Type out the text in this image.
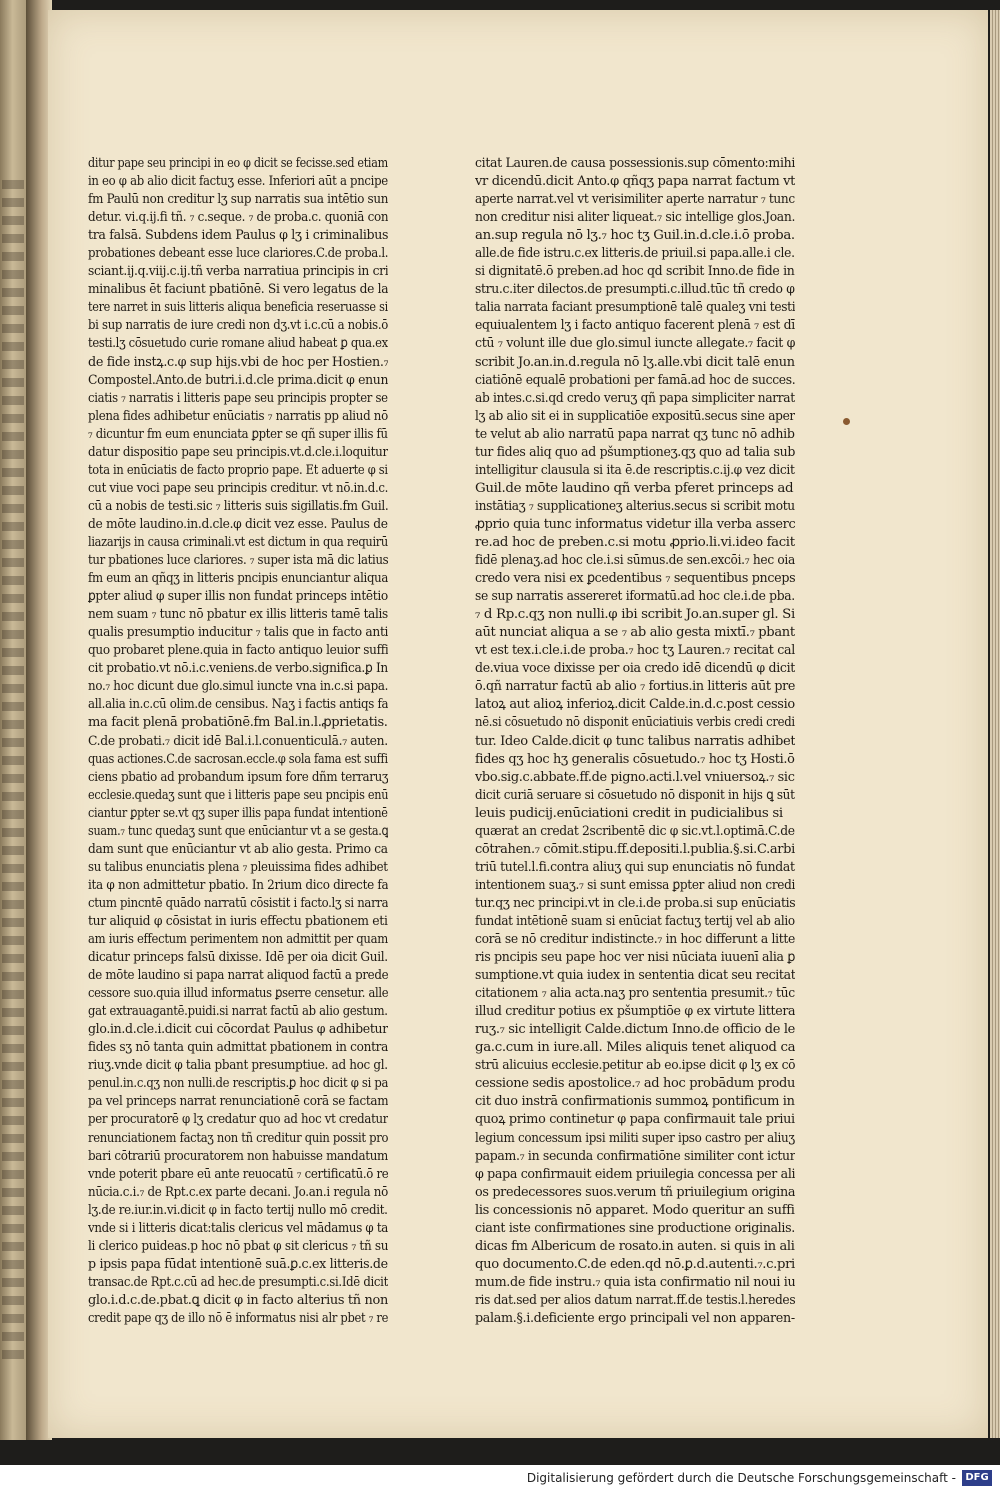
ditur pape seu principi in eo φ dicit se fecisse.sed etiam
in eo φ ab alio dicit factuʒ esse. Inferiori aūt a pncipe
fm Paulū non creditur lʒ sup narratis sua intētio sun
detur. vi.q.ij.fi tñ. ₇ c.seque. ₇ de proba.c. quoniā con
tra falsā. Subdens idem Paulus φ lʒ i criminalibus
probationes debeant esse luce clariores.C.de proba.l.
sciant.ij.q.viij.c.ij.tñ verba narratiua principis in cri
minalibus ēt faciunt pbatiōnē. Si vero legatus de la
tere narret in suis litteris aliqua beneficia reseruasse si
bi sup narratis de iure credi non dʒ.vt i.c.cū a nobis.ō
testi.lʒ cōsuetudo curie romane aliud habeat ꝑ qua.ex
de fide instꝝ.c.φ sup hijs.vbi de hoc per Hostien.₇
Compostel.Anto.de butri.i.d.cle prima.dicit φ enun
ciatis ₇ narratis i litteris pape seu principis propter se
plena fides adhibetur enūciatis ₇ narratis pp aliud nō
₇ dicuntur fm eum enunciata ꝑpter se qñ super illis fū
datur dispositio pape seu principis.vt.d.cle.i.loquitur
tota in enūciatis de facto proprio pape. Et aduerte φ si
cut viue voci pape seu principis creditur. vt nō.in.d.c.
cū a nobis de testi.sic ₇ litteris suis sigillatis.fm Guil.
de mōte laudino.in.d.cle.φ dicit vez esse. Paulus de
liazarijs in causa criminali.vt est dictum in qua requirū
tur pbationes luce clariores. ₇ super ista mā dic latius
fm eum an qñqʒ in litteris pncipis enunciantur aliqua
ꝑpter aliud φ super illis non fundat princeps intētio
nem suam ₇ tunc nō pbatur ex illis litteris tamē talis
qualis presumptio inducitur ₇ talis que in facto anti
quo probaret plene.quia in facto antiquo leuior suffi
cit probatio.vt nō.i.c.veniens.de verbo.significa.ꝑ In
no.₇ hoc dicunt due glo.simul iuncte vna in.c.si papa.
all.alia in.c.cū olim.de censibus. Naʒ i factis antiqs fa
ma facit plenā probatiōnē.fm Bal.in.l.ꝓprietatis.
C.de probati.₇ dicit idē Bal.i.l.conuenticulā.₇ auten.
quas actiones.C.de sacrosan.eccle.φ sola fama est suffi
ciens pbatio ad probandum ipsum fore dñm terraruʒ
ecclesie.quedaʒ sunt que i litteris pape seu pncipis enū
ciantur ꝑpter se.vt qʒ super illis papa fundat intentionē
suam.₇ tunc quedaʒ sunt que enūciantur vt a se gesta.ꝗ
dam sunt que enūciantur vt ab alio gesta. Primo ca
su talibus enunciatis plena ₇ pleuissima fides adhibet
ita φ non admittetur pbatio. In 2rium dico directe fa
ctum pincntē quādo narratū cōsistit i facto.lʒ si narra
tur aliquid φ cōsistat in iuris effectu pbationem eti
am iuris effectum perimentem non admittit per quam
dicatur princeps falsū dixisse. Idē per oia dicit Guil.
de mōte laudino si papa narrat aliquod factū a prede
cessore suo.quia illud informatus ꝑserre censetur. alle
gat extrauagantē.puidi.si narrat factū ab alio gestum.
glo.in.d.cle.i.dicit cui cōcordat Paulus φ adhibetur
fides sʒ nō tanta quin admittat pbationem in contra
riuʒ.vnde dicit φ talia pbant presumptiue. ad hoc gl.
penul.in.c.qʒ non nulli.de rescriptis.ꝑ hoc dicit φ si pa
pa vel princeps narrat renunciationē corā se factam
per procuratorē φ lʒ credatur quo ad hoc vt credatur
renunciationem factaʒ non tñ creditur quin possit pro
bari cōtrariū procuratorem non habuisse mandatum
vnde poterit pbare eū ante reuocatū ₇ certificatū.ō re
nūcia.c.i.₇ de Rpt.c.ex parte decani. Jo.an.i regula nō
lʒ.de re.iur.in.vi.dicit φ in facto tertij nullo mō credit.
vnde si i litteris dicat:talis clericus vel mādamus φ ta
li clerico puideas.p hoc nō pbat φ sit clericus ₇ tñ su
p ipsis papa fūdat intentionē suā.ꝑ.c.ex litteris.de
transac.de Rpt.c.cū ad hec.de presumpti.c.si.Idē dicit
glo.i.d.c.de.pbat.ꝗ dicit φ in facto alterius tñ non
credit pape qʒ de illo nō ē informatus nisi alr pbet ₇ re
citat Lauren.de causa possessionis.sup cōmento:mihi
vr dicendū.dicit Anto.φ qñqʒ papa narrat factum vt
aperte narrat.vel vt verisimiliter aperte narratur ₇ tunc
non creditur nisi aliter liqueat.₇ sic intellige glos.Joan.
an.sup regula nō lʒ.₇ hoc tʒ Guil.in.d.cle.i.ō proba.
alle.de fide istru.c.ex litteris.de priuil.si papa.alle.i cle.
si dignitatē.ō preben.ad hoc qd scribit Inno.de fide in
stru.c.iter dilectos.de presumpti.c.illud.tūc tñ credo φ
talia narrata faciant presumptionē talē qualeʒ vni testi
equiualentem lʒ i facto antiquo facerent plenā ₇ est dī
ctū ₇ volunt ille due glo.simul iuncte allegate.₇ facit φ
scribit Jo.an.in.d.regula nō lʒ.alle.vbi dicit talē enun
ciatiōnē equalē probationi per famā.ad hoc de succes.
ab intes.c.si.qd credo veruʒ qñ papa simpliciter narrat
lʒ ab alio sit ei in supplicatiōe expositū.secus sine aper
te velut ab alio narratū papa narrat qʒ tunc nō adhib
tur fides aliq quo ad pšumptioneʒ.qʒ quo ad talia sub
intelligitur clausula si ita ē.de rescriptis.c.ij.φ vez dicit
Guil.de mōte laudino qñ verba pferet princeps ad
instātiaʒ ₇ supplicationeʒ alterius.secus si scribit motu
ꝓprio quia tunc informatus videtur illa verba asserc
re.ad hoc de preben.c.si motu ꝓprio.li.vi.ideo facit
fidē plenaʒ.ad hoc cle.i.si sūmus.de sen.excōi.₇ hec oia
credo vera nisi ex ꝑcedentibus ₇ sequentibus pnceps
se sup narratis assereret iformatū.ad hoc cle.i.de pba.
₇ d Rp.c.qʒ non nulli.φ ibi scribit Jo.an.super gl. Si
aūt nunciat aliqua a se ₇ ab alio gesta mixtī.₇ pbant
vt est tex.i.cle.i.de proba.₇ hoc tʒ Lauren.₇ recitat cal
de.viua voce dixisse per oia credo idē dicendū φ dicit
ō.qñ narratur factū ab alio ₇ fortius.in litteris aūt pre
latoꝝ aut alioꝝ inferioꝝ.dicit Calde.in.d.c.post cessio
nē.si cōsuetudo nō disponit enūciatiuis verbis credi credi
tur. Ideo Calde.dicit φ tunc talibus narratis adhibet
fides qʒ hoc hʒ generalis cōsuetudo.₇ hoc tʒ Hosti.ō
vbo.sig.c.abbate.ff.de pigno.acti.l.vel vniuersoꝝ.₇ sic
dicit curiā seruare si cōsuetudo nō disponit in hijs ꝗ sūt
leuis pudicij.enūciationi credit in pudicialibus si
quærat an credat 2scribentē dic φ sic.vt.l.optimā.C.de
cōtrahen.₇ cōmit.stipu.ff.depositi.l.publia.§.si.C.arbi
triū tutel.l.fi.contra aliuʒ qui sup enunciatis nō fundat
intentionem suaʒ.₇ si sunt emissa ꝑpter aliud non credi
tur.qʒ nec principi.vt in cle.i.de proba.si sup enūciatis
fundat intētionē suam si enūciat factuʒ tertij vel ab alio
corā se nō creditur indistincte.₇ in hoc differunt a litte
ris pncipis seu pape hoc ver nisi nūciata iuuenī alia ꝑ
sumptione.vt quia iudex in sententia dicat seu recitat
citationem ₇ alia acta.naʒ pro sententia presumit.₇ tūc
illud creditur potius ex pšumptiōe φ ex virtute littera
ruʒ.₇ sic intelligit Calde.dictum Inno.de officio de le
ga.c.cum in iure.all. Miles aliquis tenet aliquod ca
strū alicuius ecclesie.petitur ab eo.ipse dicit φ lʒ ex cō
cessione sedis apostolice.₇ ad hoc probādum produ
cit duo instrā confirmationis summoꝝ pontificum in
quoꝝ primo continetur φ papa confirmauit tale priui
legium concessum ipsi militi super ipso castro per aliuʒ
papam.₇ in secunda confirmatiōne similiter cont ictur
φ papa confirmauit eidem priuilegia concessa per ali
os predecessores suos.verum tñ priuilegium origina
lis concessionis nō apparet. Modo queritur an suffi
ciant iste confirmationes sine productione originalis.
dicas fm Albericum de rosato.in auten. si quis in ali
quo documento.C.de eden.qd nō.ꝑ.d.autenti.₇.c.pri
mum.de fide instru.₇ quia ista confirmatio nil noui iu
ris dat.sed per alios datum narrat.ff.de testis.l.heredes
palam.§.i.deficiente ergo principali vel non apparen-
Digitalisierung gefördert durch die Deutsche Forschungsgemeinschaft - DFG
